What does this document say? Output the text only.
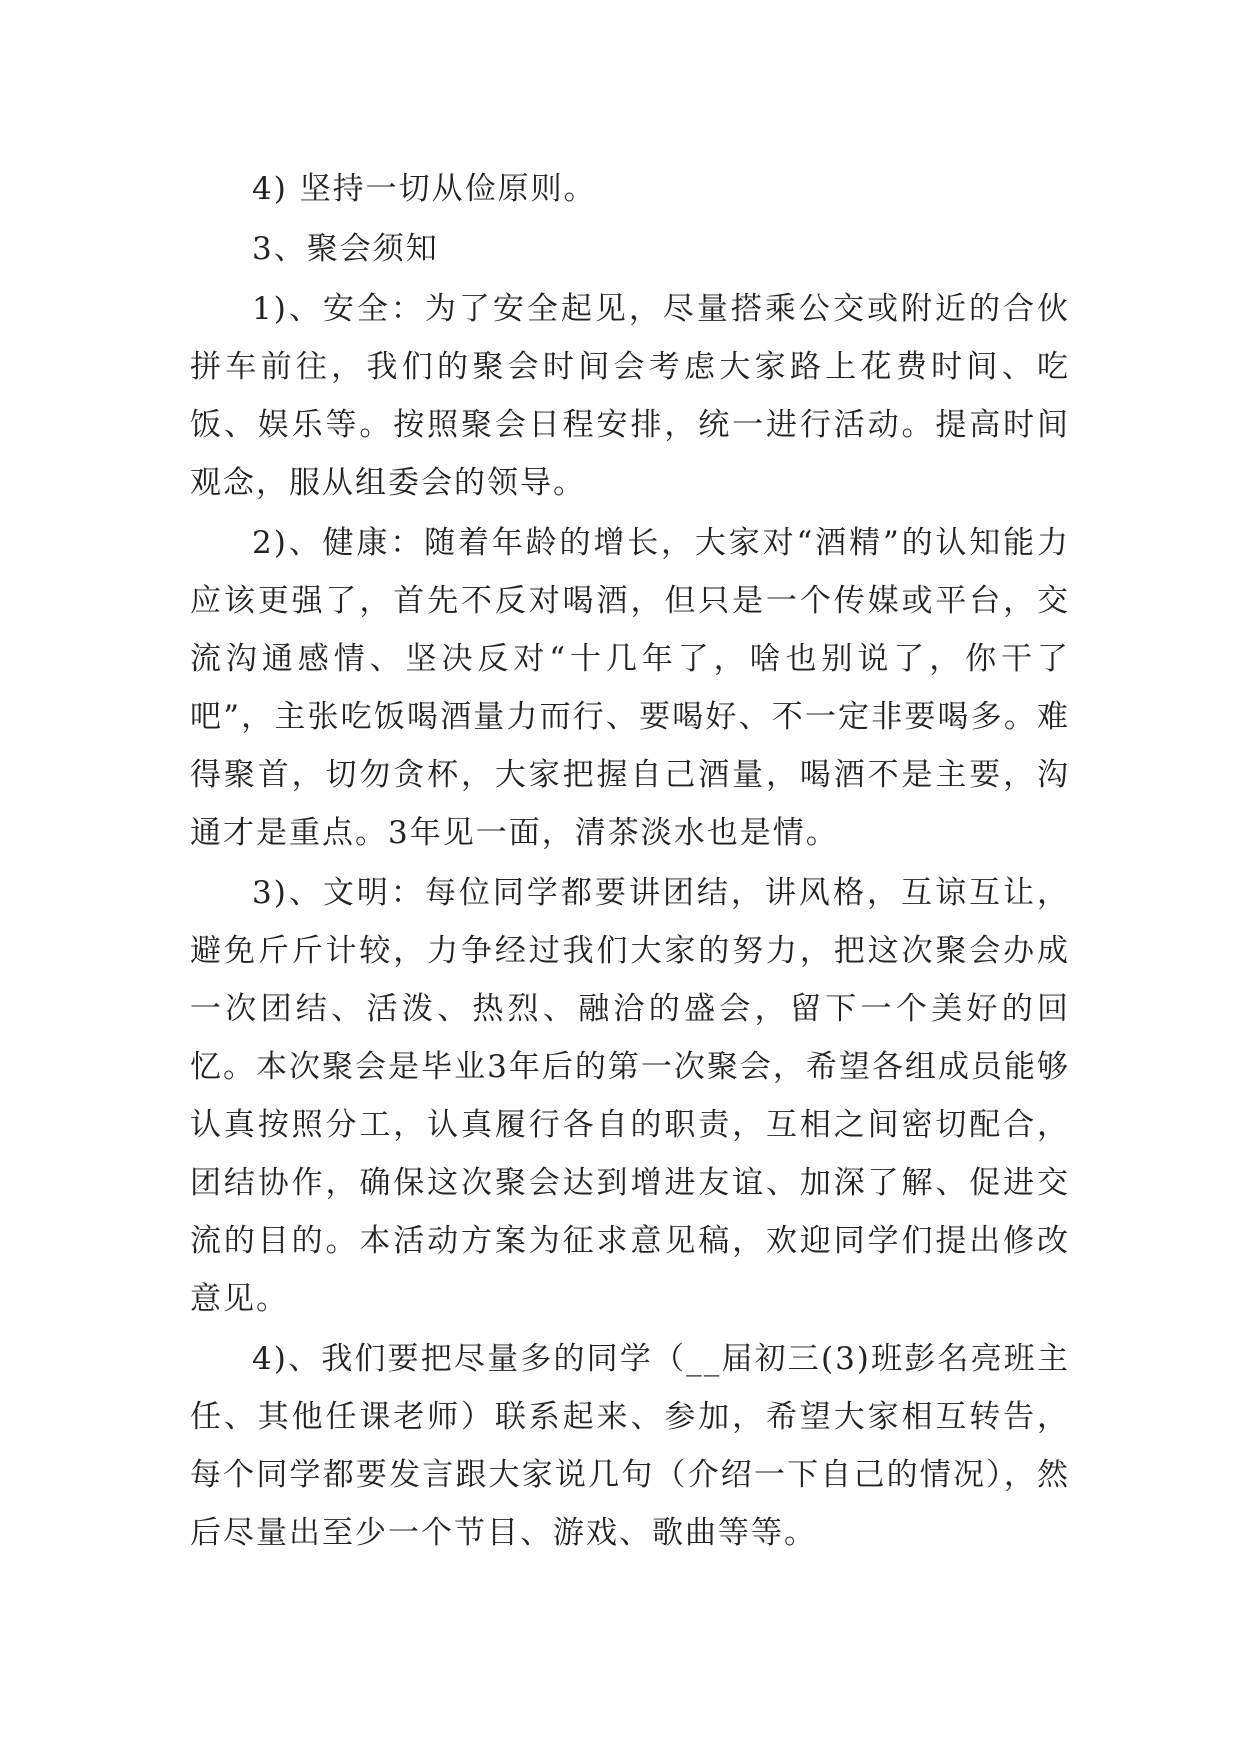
4) 坚持一切从俭原则。

3、聚会须知

1)、安全：为了安全起见，尽量搭乘公交或附近的合伙拼车前往，我们的聚会时间会考虑大家路上花费时间、吃饭、娱乐等。按照聚会日程安排，统一进行活动。提高时间观念，服从组委会的领导。

2)、健康：随着年龄的增长，大家对“酒精”的认知能力应该更强了，首先不反对喝酒，但只是一个传媒或平台，交流沟通感情、坚决反对“十几年了，啥也别说了，你干了吧”，主张吃饭喝酒量力而行、要喝好、不一定非要喝多。难得聚首，切勿贪杯，大家把握自己酒量，喝酒不是主要，沟通才是重点。3年见一面，清茶淡水也是情。

3)、文明：每位同学都要讲团结，讲风格，互谅互让，避免斤斤计较，力争经过我们大家的努力，把这次聚会办成一次团结、活泼、热烈、融洽的盛会，留下一个美好的回忆。本次聚会是毕业3年后的第一次聚会，希望各组成员能够认真按照分工，认真履行各自的职责，互相之间密切配合，团结协作，确保这次聚会达到增进友谊、加深了解、促进交流的目的。本活动方案为征求意见稿，欢迎同学们提出修改意见。

4)、我们要把尽量多的同学（__届初三(3)班彭名亮班主任、其他任课老师）联系起来、参加，希望大家相互转告，每个同学都要发言跟大家说几句（介绍一下自己的情况），然后尽量出至少一个节目、游戏、歌曲等等。
